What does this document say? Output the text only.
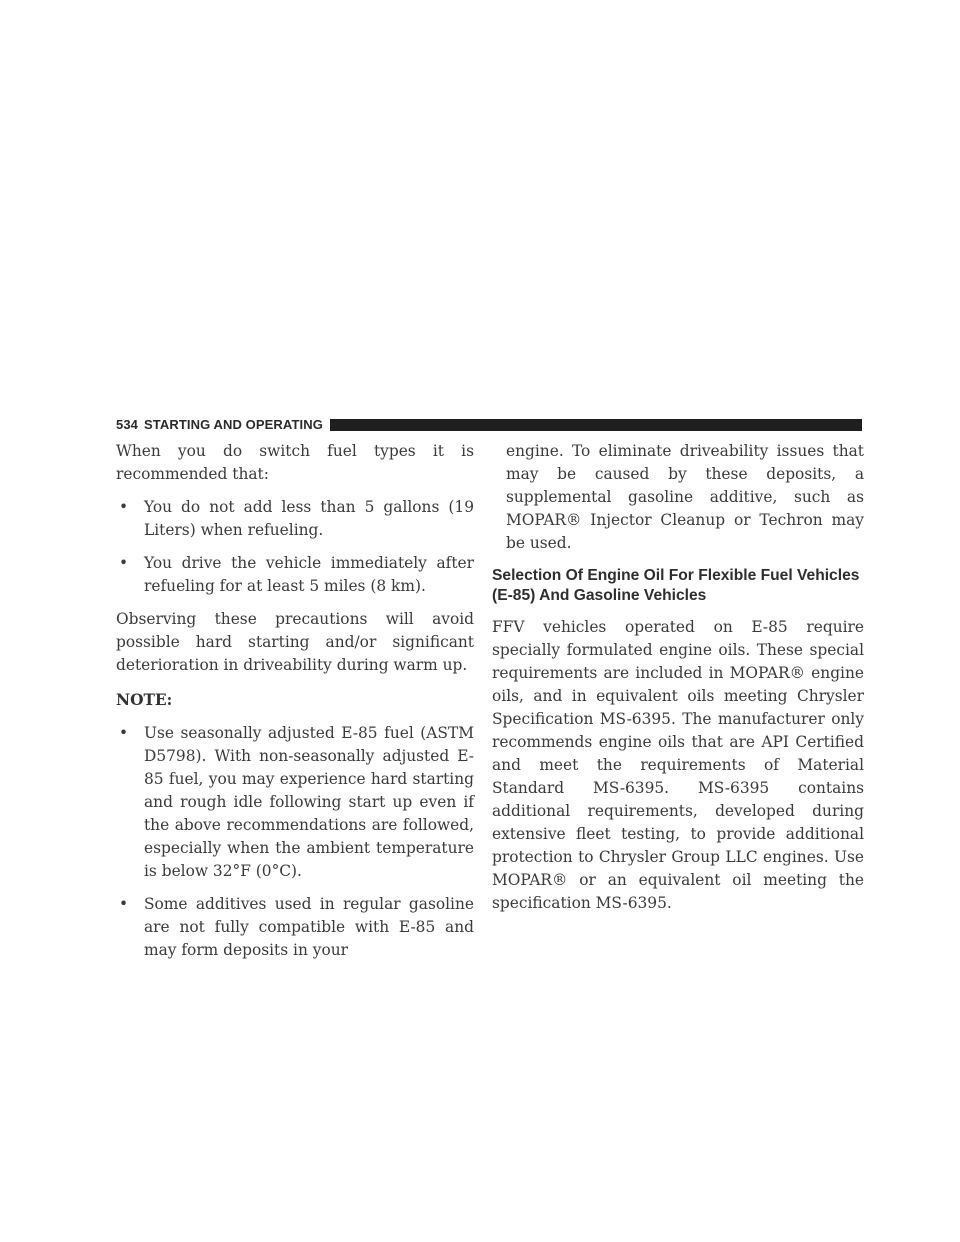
534 STARTING AND OPERATING

When you do switch fuel types it is recommended that:

• You do not add less than 5 gallons (19 Liters) when refueling.
• You drive the vehicle immediately after refueling for at least 5 miles (8 km).

Observing these precautions will avoid possible hard starting and/or significant deterioration in driveability during warm up.

NOTE:
• Use seasonally adjusted E-85 fuel (ASTM D5798). With non-seasonally adjusted E-85 fuel, you may experience hard starting and rough idle following start up even if the above recommendations are followed, especially when the ambient temperature is below 32°F (0°C).
• Some additives used in regular gasoline are not fully compatible with E-85 and may form deposits in your

engine. To eliminate driveability issues that may be caused by these deposits, a supplemental gasoline additive, such as MOPAR® Injector Cleanup or Techron may be used.

Selection Of Engine Oil For Flexible Fuel Vehicles (E-85) And Gasoline Vehicles

FFV vehicles operated on E-85 require specially formulated engine oils. These special requirements are included in MOPAR® engine oils, and in equivalent oils meeting Chrysler Specification MS-6395. The manufacturer only recommends engine oils that are API Certified and meet the requirements of Material Standard MS-6395. MS-6395 contains additional requirements, developed during extensive fleet testing, to provide additional protection to Chrysler Group LLC engines. Use MOPAR® or an equivalent oil meeting the specification MS-6395.
